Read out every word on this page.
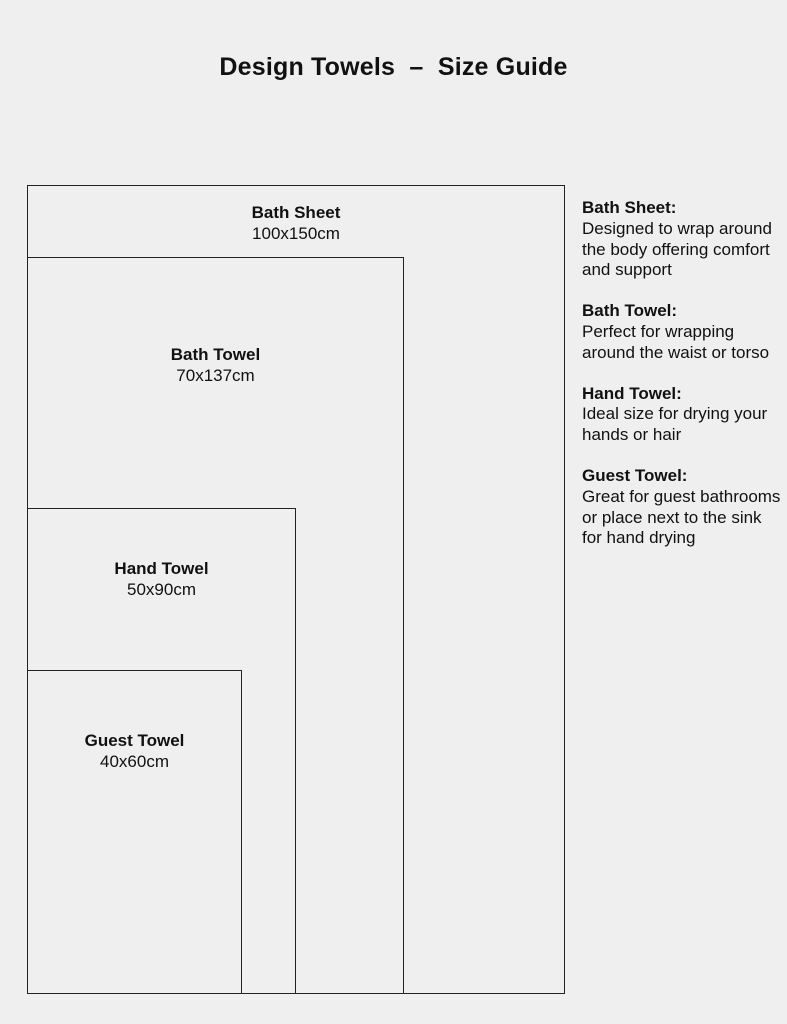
Design Towels  –  Size Guide
Bath Sheet
100x150cm
Bath Towel
70x137cm
Hand Towel
50x90cm
Guest Towel
40x60cm
Bath Sheet:
Designed to wrap around the body offering comfort and support
Bath Towel:
Perfect for wrapping around the waist or torso
Hand Towel:
Ideal size for drying your hands or hair
Guest Towel:
Great for guest bathrooms or place next to the sink for hand drying
